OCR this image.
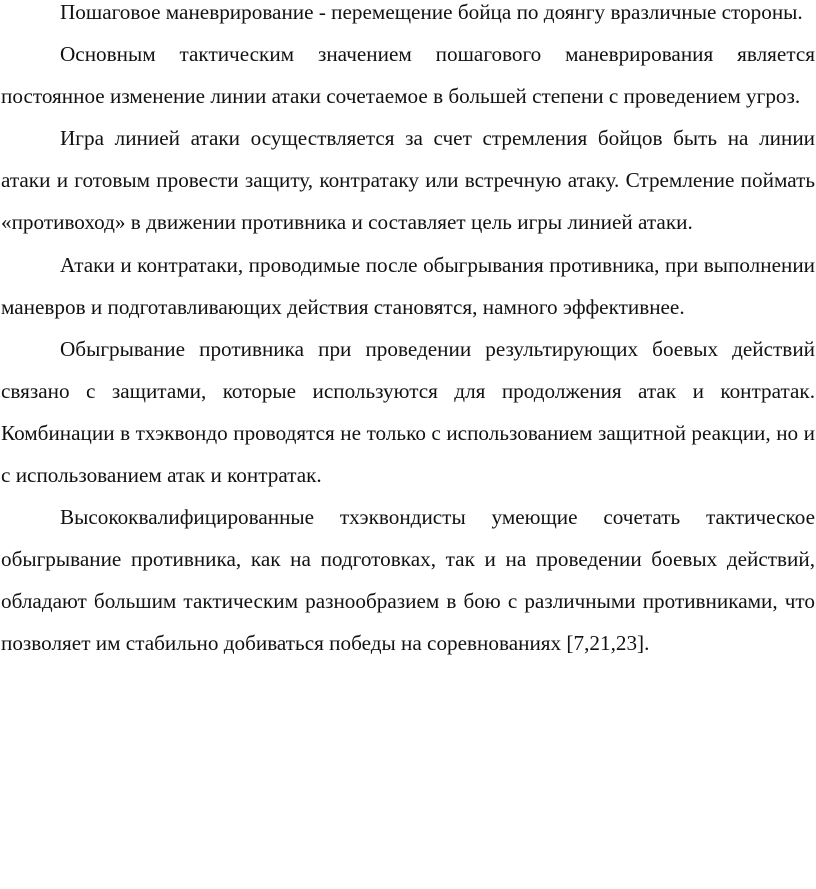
Пошаговое маневрирование - перемещение бойца по доянгу вразличные стороны.

Основным тактическим значением пошагового маневрирования является постоянное изменение линии атаки сочетаемое в большей степени с проведением угроз.

Игра линией атаки осуществляется за счет стремления бойцов быть на линии атаки и готовым провести защиту, контратаку или встречную атаку. Стремление поймать «противоход» в движении противника и составляет цель игры линией атаки.

Атаки и контратаки, проводимые после обыгрывания противника, при выполнении маневров и подготавливающих действия становятся, намного эффективнее.

Обыгрывание противника при проведении результирующих боевых действий связано с защитами, которые используются для продолжения атак и контратак. Комбинации в тхэквондо проводятся не только с использованием защитной реакции, но и с использованием атак и контратак.

Высококвалифицированные тхэквондисты умеющие сочетать тактическое обыгрывание противника, как на подготовках, так и на проведении боевых действий, обладают большим тактическим разнообразием в бою с различными противниками, что позволяет им стабильно добиваться победы на соревнованиях [7,21,23].
